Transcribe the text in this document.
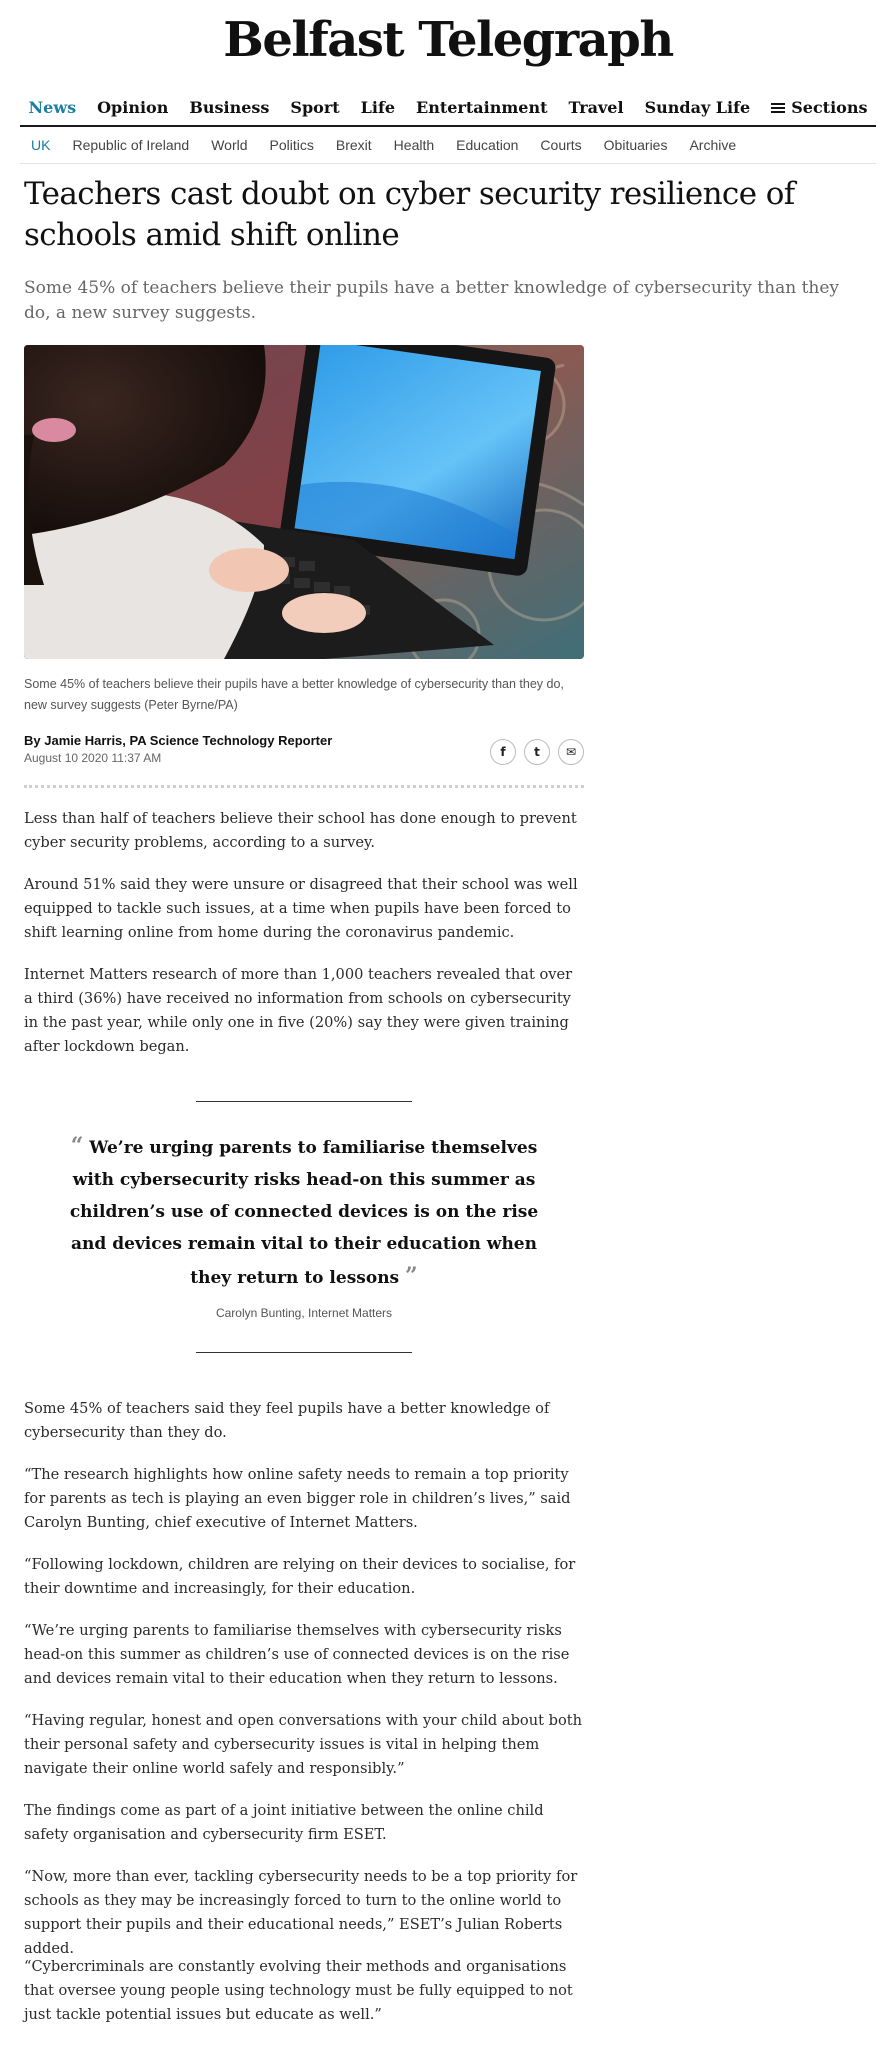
Belfast Telegraph
News Opinion Business Sport Life Entertainment Travel Sunday Life	Sections
UK Republic of Ireland World Politics Brexit Health Education Courts Obituaries Archive
Teachers cast doubt on cyber security resilience of schools amid shift online

Some 45% of teachers believe their pupils have a better knowledge of cybersecurity than they do, a new survey suggests.

Some 45% of teachers believe their pupils have a better knowledge of cybersecurity than they do, new survey suggests (Peter Byrne/PA)

By Jamie Harris, PA Science Technology Reporter
August 10 2020 11:37 AM	f	t	✉

Less than half of teachers believe their school has done enough to prevent cyber security problems, according to a survey.

Around 51% said they were unsure or disagreed that their school was well equipped to tackle such issues, at a time when pupils have been forced to shift learning online from home during the coronavirus pandemic.

Internet Matters research of more than 1,000 teachers revealed that over a third (36%) have received no information from schools on cybersecurity in the past year, while only one in five (20%) say they were given training after lockdown began.

“ We’re urging parents to familiarise themselves with cybersecurity risks head-on this summer as children’s use of connected devices is on the rise and devices remain vital to their education when they return to lessons ”

Carolyn Bunting, Internet Matters

Some 45% of teachers said they feel pupils have a better knowledge of cybersecurity than they do.

“The research highlights how online safety needs to remain a top priority for parents as tech is playing an even bigger role in children’s lives,” said Carolyn Bunting, chief executive of Internet Matters.

“Following lockdown, children are relying on their devices to socialise, for their downtime and increasingly, for their education.

“We’re urging parents to familiarise themselves with cybersecurity risks head-on this summer as children’s use of connected devices is on the rise and devices remain vital to their education when they return to lessons.

“Having regular, honest and open conversations with your child about both their personal safety and cybersecurity issues is vital in helping them navigate their online world safely and responsibly.”

The findings come as part of a joint initiative between the online child safety organisation and cybersecurity firm ESET.

“Now, more than ever, tackling cybersecurity needs to be a top priority for schools as they may be increasingly forced to turn to the online world to support their pupils and their educational needs,” ESET’s Julian Roberts added.

“Cybercriminals are constantly evolving their methods and organisations that oversee young people using technology must be fully equipped to not just tackle potential issues but educate as well.”
